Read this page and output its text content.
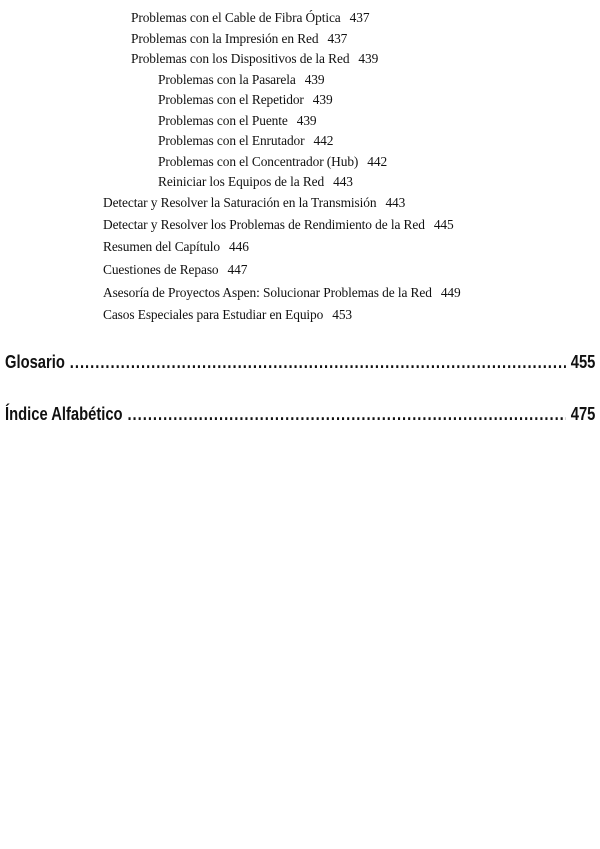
Problemas con el Cable de Fibra Óptica 437
Problemas con la Impresión en Red 437
Problemas con los Dispositivos de la Red 439
Problemas con la Pasarela 439
Problemas con el Repetidor 439
Problemas con el Puente 439
Problemas con el Enrutador 442
Problemas con el Concentrador (Hub) 442
Reiniciar los Equipos de la Red 443
Detectar y Resolver la Saturación en la Transmisión 443
Detectar y Resolver los Problemas de Rendimiento de la Red 445
Resumen del Capítulo 446
Cuestiones de Repaso 447
Asesoría de Proyectos Aspen: Solucionar Problemas de la Red 449
Casos Especiales para Estudiar en Equipo 453
Glosario .....	455
Índice Alfabético .....	475
